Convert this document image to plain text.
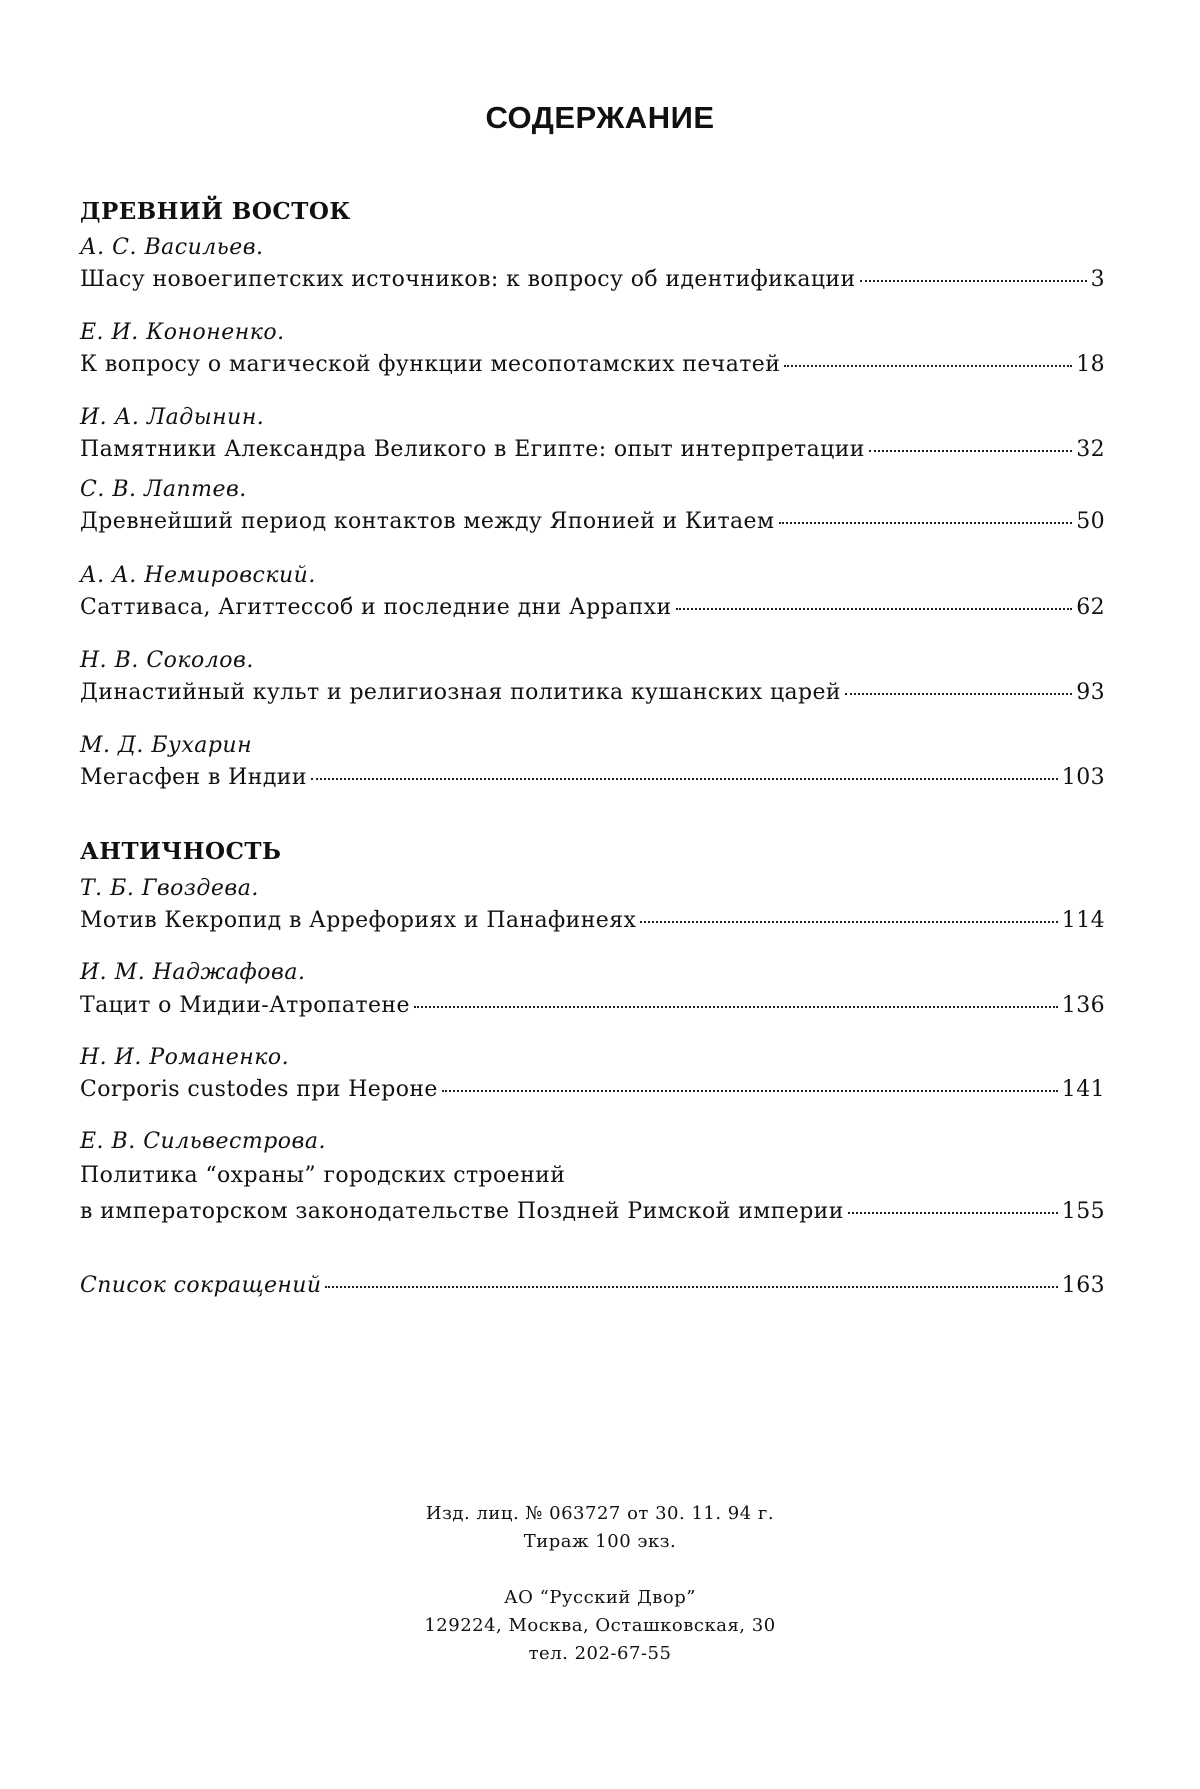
СОДЕРЖАНИЕ
ДРЕВНИЙ ВОСТОК

А. С. Васильев.

Шасу новоегипетских источников: к вопросу об идентификации	3

Е. И. Кононенко.

К вопросу о магической функции месопотамских печатей	18

И. А. Ладынин.

Памятники Александра Великого в Египте: опыт интерпретации	32

С. В. Лаптев.

Древнейший период контактов между Японией и Китаем	50

А. А. Немировский.

Саттиваса, Агиттессоб и последние дни Аррапхи	62

Н. В. Соколов.

Династийный культ и религиозная политика кушанских царей	93

М. Д. Бухарин

Мегасфен в Индии	103

АНТИЧНОСТЬ

Т. Б. Гвоздева.

Мотив Кекропид в Аррефориях и Панафинеях	114

И. М. Наджафова.

Тацит о Мидии-Атропатене	136

Н. И. Романенко.

Corporis custodes при Нероне	141

Е. В. Сильвестрова.

Политика “охраны” городских строений

в императорском законодательстве Поздней Римской империи	155

Список сокращений	163

Изд. лиц. № 063727 от 30. 11. 94 г.

Тираж 100 экз.

АО “Русский Двор”

129224, Москва, Осташковская, 30

тел. 202-67-55
